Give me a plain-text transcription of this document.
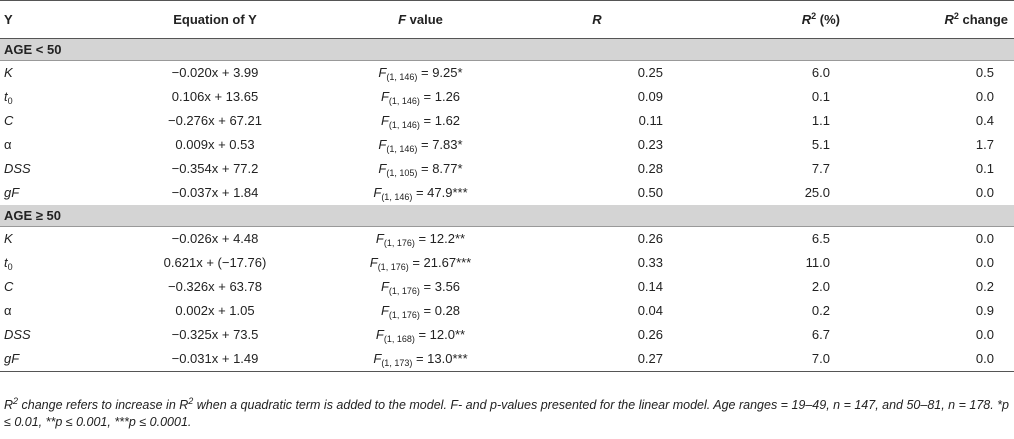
Y	Equation of Y	F value	R	$R^2$ (%)	$R^2$ change
AGE < 50					
K	−0.020x + 3.99	$F_{(1, 146)} = 9.25*$	0.25	6.0	0.5
$t_0$	0.106x + 13.65	$F_{(1, 146)} = 1.26$	0.09	0.1	0.0
C	−0.276x + 67.21	$F_{(1, 146)} = 1.62$	0.11	1.1	0.4
α	0.009x + 0.53	$F_{(1, 146)} = 7.83*$	0.23	5.1	1.7
DSS	−0.354x + 77.2	$F_{(1, 105)} = 8.77*$	0.28	7.7	0.1
gF	−0.037x + 1.84	$F_{(1, 146)} = 47.9***$	0.50	25.0	0.0
AGE ≥ 50					
K	−0.026x + 4.48	$F_{(1, 176)} = 12.2**$	0.26	6.5	0.0
$t_0$	0.621x + (−17.76)	$F_{(1, 176)} = 21.67***$	0.33	11.0	0.0
C	−0.326x + 63.78	$F_{(1, 176)} = 3.56$	0.14	2.0	0.2
α	0.002x + 1.05	$F_{(1, 176)} = 0.28$	0.04	0.2	0.9
DSS	−0.325x + 73.5	$F_{(1, 168)} = 12.0**$	0.26	6.7	0.0
gF	−0.031x + 1.49	$F_{(1, 173)} = 13.0***$	0.27	7.0	0.0
$R^2$ change refers to increase in $R^2$ when a quadratic term is added to the model. F- and p-values presented for the linear model. Age ranges = 19–49, n = 147, and 50–81, n = 178. *p ≤ 0.01, **p ≤ 0.001, ***p ≤ 0.0001.
